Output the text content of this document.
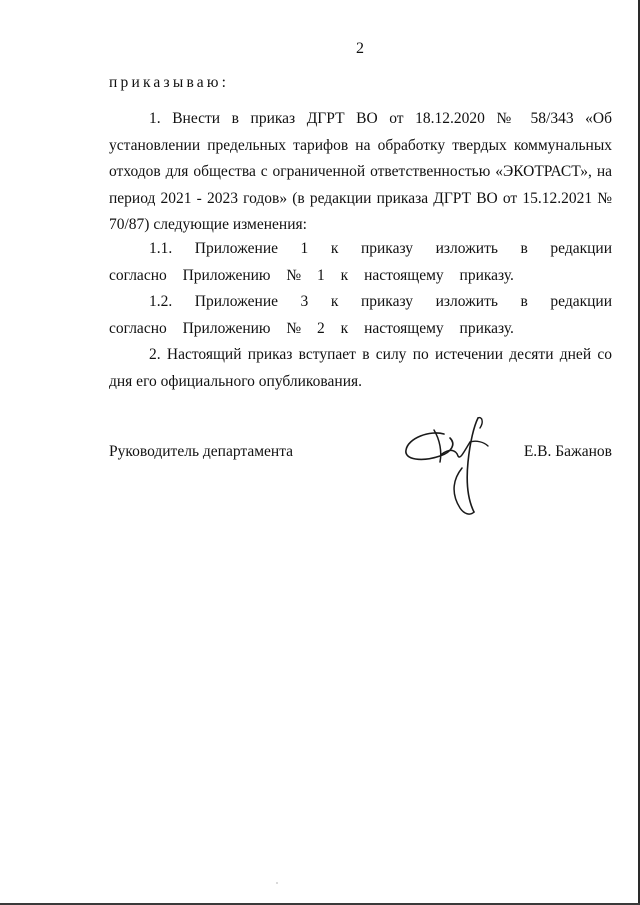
2
приказываю:

1. Внести в приказ ДГРТ ВО от 18.12.2020 № 58/343 «Об установлении предельных тарифов на обработку твердых коммунальных отходов для общества с ограниченной ответственностью «ЭКОТРАСТ», на период 2021 - 2023 годов» (в редакции приказа ДГРТ ВО от 15.12.2021 № 70/87) следующие изменения:

1.1. Приложение 1 к приказу изложить в редакции согласно Приложению № 1 к настоящему приказу.

1.2. Приложение 3 к приказу изложить в редакции согласно Приложению № 2 к настоящему приказу.

2. Настоящий приказ вступает в силу по истечении десяти дней со дня его официального опубликования.

Руководитель департамента	Е.В. Бажанов
